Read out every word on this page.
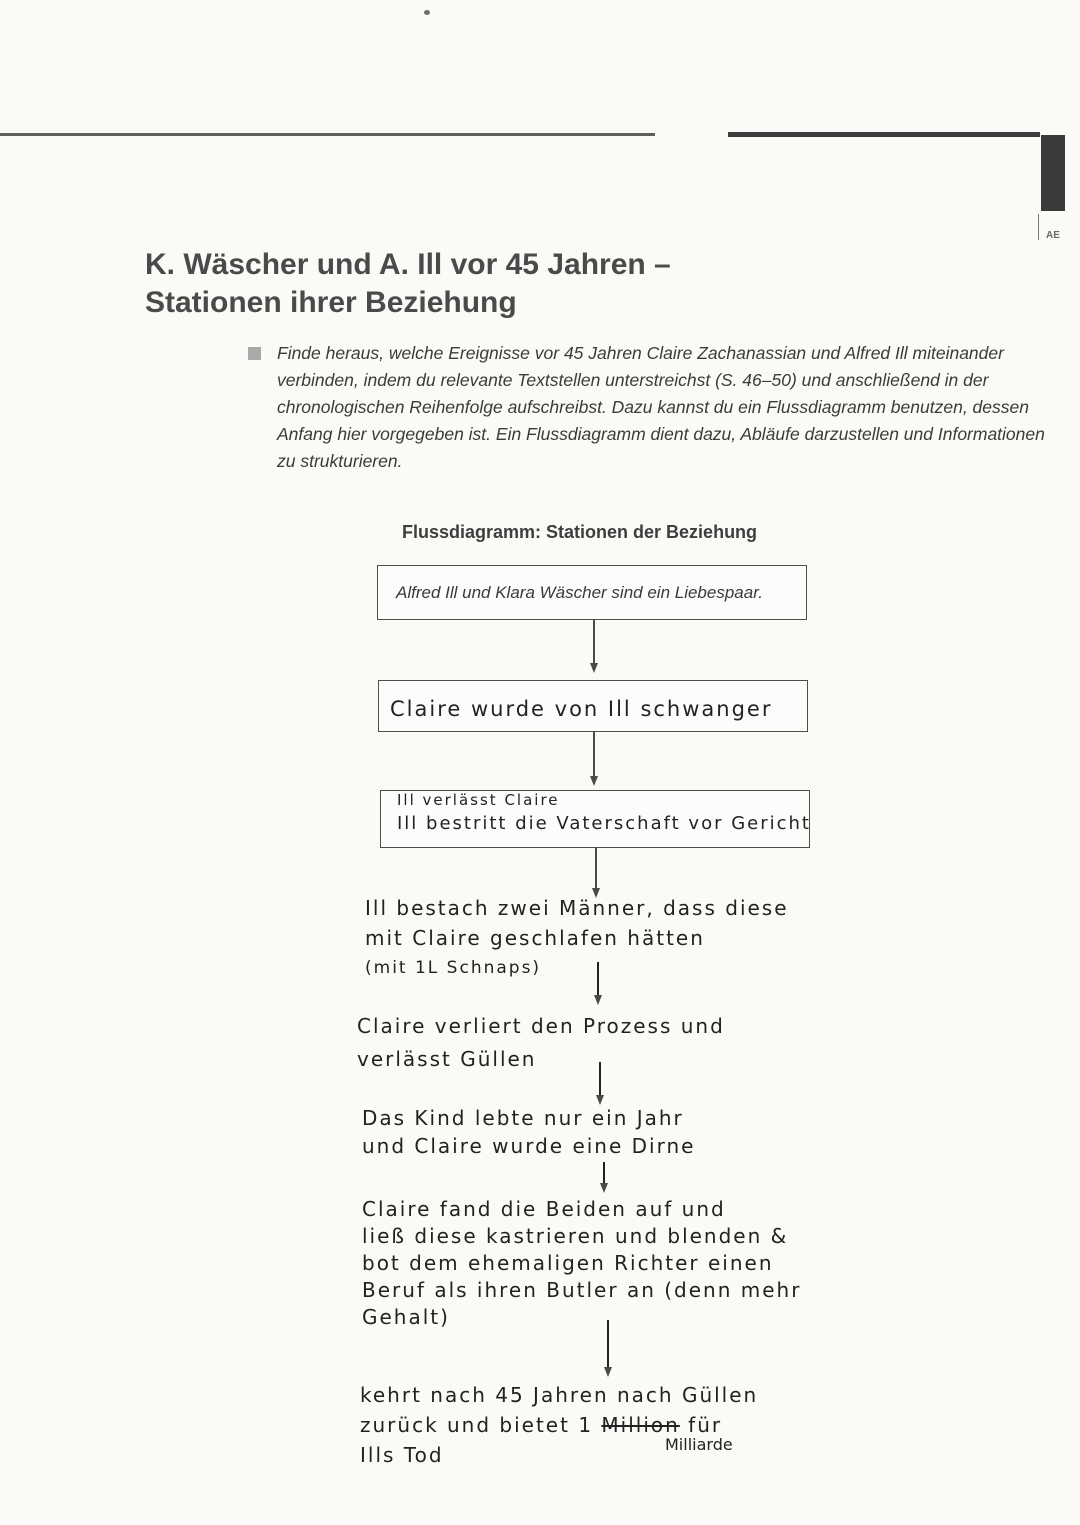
AE
K. Wäscher und A. Ill vor 45 Jahren –
Stationen ihrer Beziehung

Finde heraus, welche Ereignisse vor 45 Jahren Claire Zachanassian und Alfred Ill miteinander verbinden, indem du relevante Textstellen unterstreichst (S. 46–50) und anschließend in der chronologischen Reihenfolge aufschreibst. Dazu kannst du ein Flussdiagramm benutzen, dessen Anfang hier vorgegeben ist. Ein Flussdiagramm dient dazu, Abläufe darzustellen und Informationen zu strukturieren.

Flussdiagramm: Stationen der Beziehung
Alfred Ill und Klara Wäscher sind ein Liebespaar.

Claire wurde von Ill schwanger

Ill verlässt Claire

Ill bestritt die Vaterschaft vor Gericht

Ill bestach zwei Männer, dass diese
mit Claire geschlafen hätten
(mit 1L Schnaps)

Claire verliert den Prozess und
verlässt Güllen

Das Kind lebte nur ein Jahr
und Claire wurde eine Dirne

Claire fand die Beiden auf und
ließ diese kastrieren und blenden &
bot dem ehemaligen Richter einen
Beruf als ihren Butler an (denn mehr
Gehalt)

kehrt nach 45 Jahren nach Güllen
zurück und bietet 1 Million für
Ills Tod	Milliarde
